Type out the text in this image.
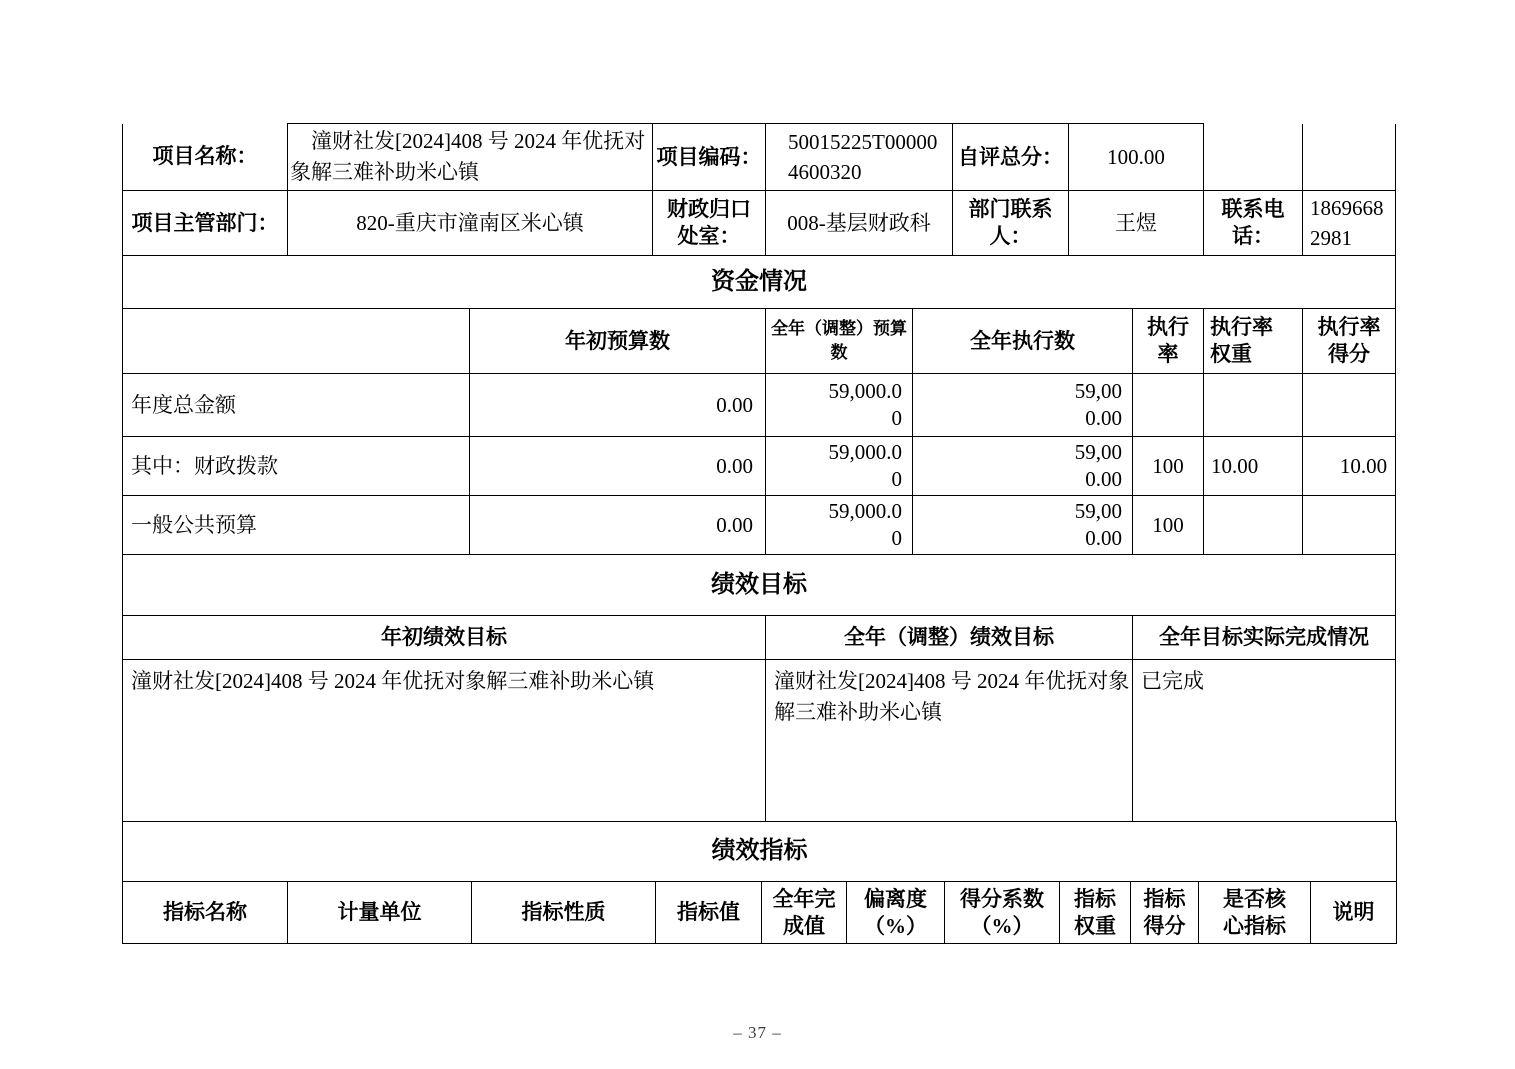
项目名称：	潼财社发[2024]408 号 2024 年优抚对象解三难补助米心镇	项目编码：	50015225T000004600320	自评总分：	100.00		
项目主管部门：	820-重庆市潼南区米心镇	财政归口处室：	008-基层财政科	部门联系人：	王煜	联系电话：	18696682981
资金情况						
	年初预算数	全年（调整）预算数	全年执行数	执行率	执行率权重	执行率得分
年度总金额	0.00	59,000.00	59,000.00			
其中：财政拨款	0.00	59,000.00	59,000.00	100	10.00	10.00
一般公共预算	0.00	59,000.00	59,000.00	100		
绩效目标		
年初绩效目标	全年（调整）绩效目标	全年目标实际完成情况
潼财社发[2024]408 号 2024 年优抚对象解三难补助米心镇	潼财社发[2024]408 号 2024 年优抚对象解三难补助米心镇	已完成
绩效指标
指标名称	计量单位	指标性质	指标值	全年完成值	偏离度（%）	得分系数（%）	指标权重	指标得分	是否核心指标	说明
– 37 –
